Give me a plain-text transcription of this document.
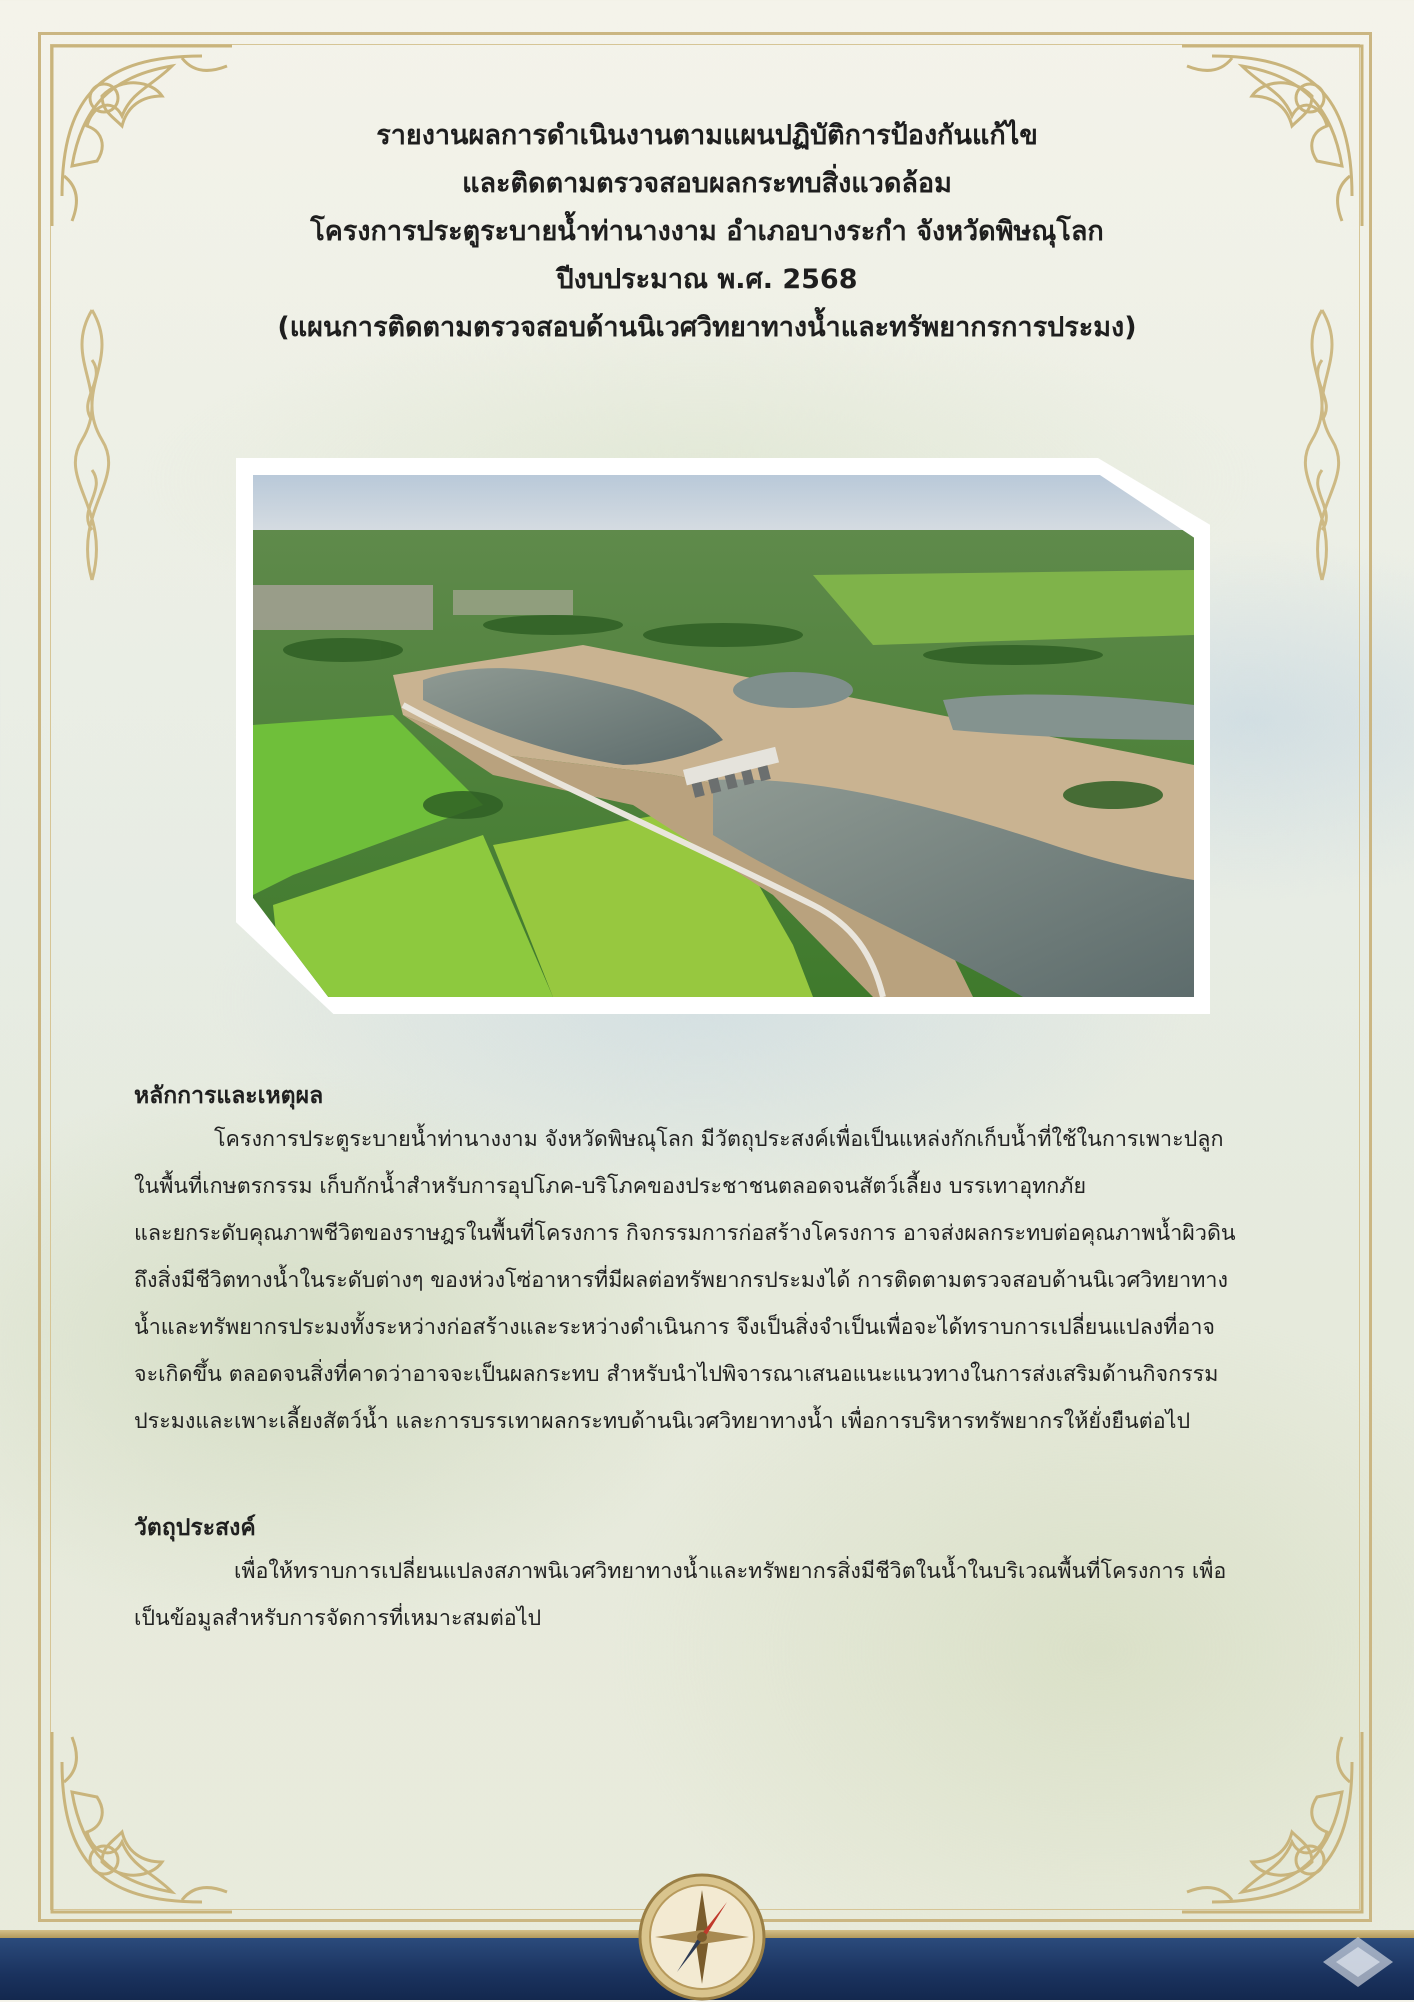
รายงานผลการดำเนินงานตามแผนปฏิบัติการป้องกันแก้ไข
และติดตามตรวจสอบผลกระทบสิ่งแวดล้อม
โครงการประตูระบายน้ำท่านางงาม อำเภอบางระกำ จังหวัดพิษณุโลก
ปีงบประมาณ พ.ศ. 2568
(แผนการติดตามตรวจสอบด้านนิเวศวิทยาทางน้ำและทรัพยากรการประมง)
หลักการและเหตุผล
โครงการประตูระบายน้ำท่านางงาม จังหวัดพิษณุโลก มีวัตถุประสงค์เพื่อเป็นแหล่งกักเก็บน้ำที่ใช้ในการเพาะปลูก
ในพื้นที่เกษตรกรรม เก็บกักน้ำสำหรับการอุปโภค-บริโภคของประชาชนตลอดจนสัตว์เลี้ยง บรรเทาอุทกภัย
และยกระดับคุณภาพชีวิตของราษฎรในพื้นที่โครงการ กิจกรรมการก่อสร้างโครงการ อาจส่งผลกระทบต่อคุณภาพน้ำผิวดิน
ถึงสิ่งมีชีวิตทางน้ำในระดับต่างๆ ของห่วงโซ่อาหารที่มีผลต่อทรัพยากรประมงได้ การติดตามตรวจสอบด้านนิเวศวิทยาทาง
น้ำและทรัพยากรประมงทั้งระหว่างก่อสร้างและระหว่างดำเนินการ จึงเป็นสิ่งจำเป็นเพื่อจะได้ทราบการเปลี่ยนแปลงที่อาจ
จะเกิดขึ้น ตลอดจนสิ่งที่คาดว่าอาจจะเป็นผลกระทบ สำหรับนำไปพิจารณาเสนอแนะแนวทางในการส่งเสริมด้านกิจกรรม
ประมงและเพาะเลี้ยงสัตว์น้ำ และการบรรเทาผลกระทบด้านนิเวศวิทยาทางน้ำ เพื่อการบริหารทรัพยากรให้ยั่งยืนต่อไป
วัตถุประสงค์
เพื่อให้ทราบการเปลี่ยนแปลงสภาพนิเวศวิทยาทางน้ำและทรัพยากรสิ่งมีชีวิตในน้ำในบริเวณพื้นที่โครงการ เพื่อ
เป็นข้อมูลสำหรับการจัดการที่เหมาะสมต่อไป
